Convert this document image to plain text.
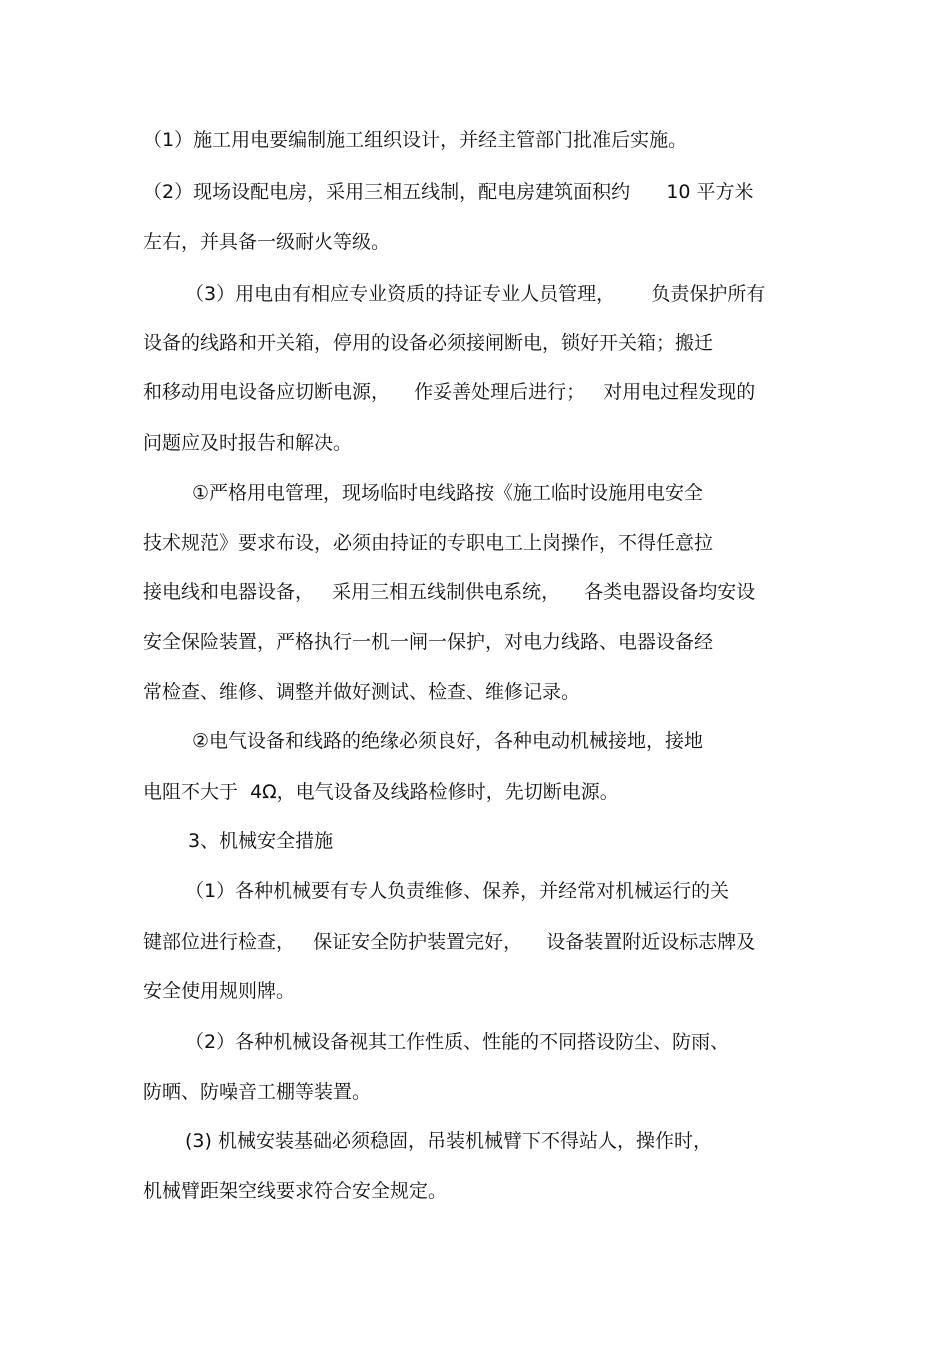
（1）施工用电要编制施工组织设计，并经主管部门批准后实施。
（2）现场设配电房，采用三相五线制，配电房建筑面积约      10 平方米
左右，并具备一级耐火等级。
（3）用电由有相应专业资质的持证专业人员管理，      负责保护所有
设备的线路和开关箱，停用的设备必须接闸断电，锁好开关箱；搬迁
和移动用电设备应切断电源，    作妥善处理后进行；   对用电过程发现的
问题应及时报告和解决。
①严格用电管理，现场临时电线路按《施工临时设施用电安全
技术规范》要求布设，必须由持证的专职电工上岗操作，不得任意拉
接电线和电器设备，   采用三相五线制供电系统，    各类电器设备均安设
安全保险装置，严格执行一机一闸一保护，对电力线路、电器设备经
常检查、维修、调整并做好测试、检查、维修记录。
②电气设备和线路的绝缘必须良好，各种电动机械接地，接地
电阻不大于  4Ω，电气设备及线路检修时，先切断电源。
3、机械安全措施
（1）各种机械要有专人负责维修、保养，并经常对机械运行的关
键部位进行检查，   保证安全防护装置完好，    设备装置附近设标志牌及
安全使用规则牌。
（2）各种机械设备视其工作性质、性能的不同搭设防尘、防雨、
防晒、防噪音工棚等装置。
(3) 机械安装基础必须稳固，吊装机械臂下不得站人，操作时，
机械臂距架空线要求符合安全规定。
